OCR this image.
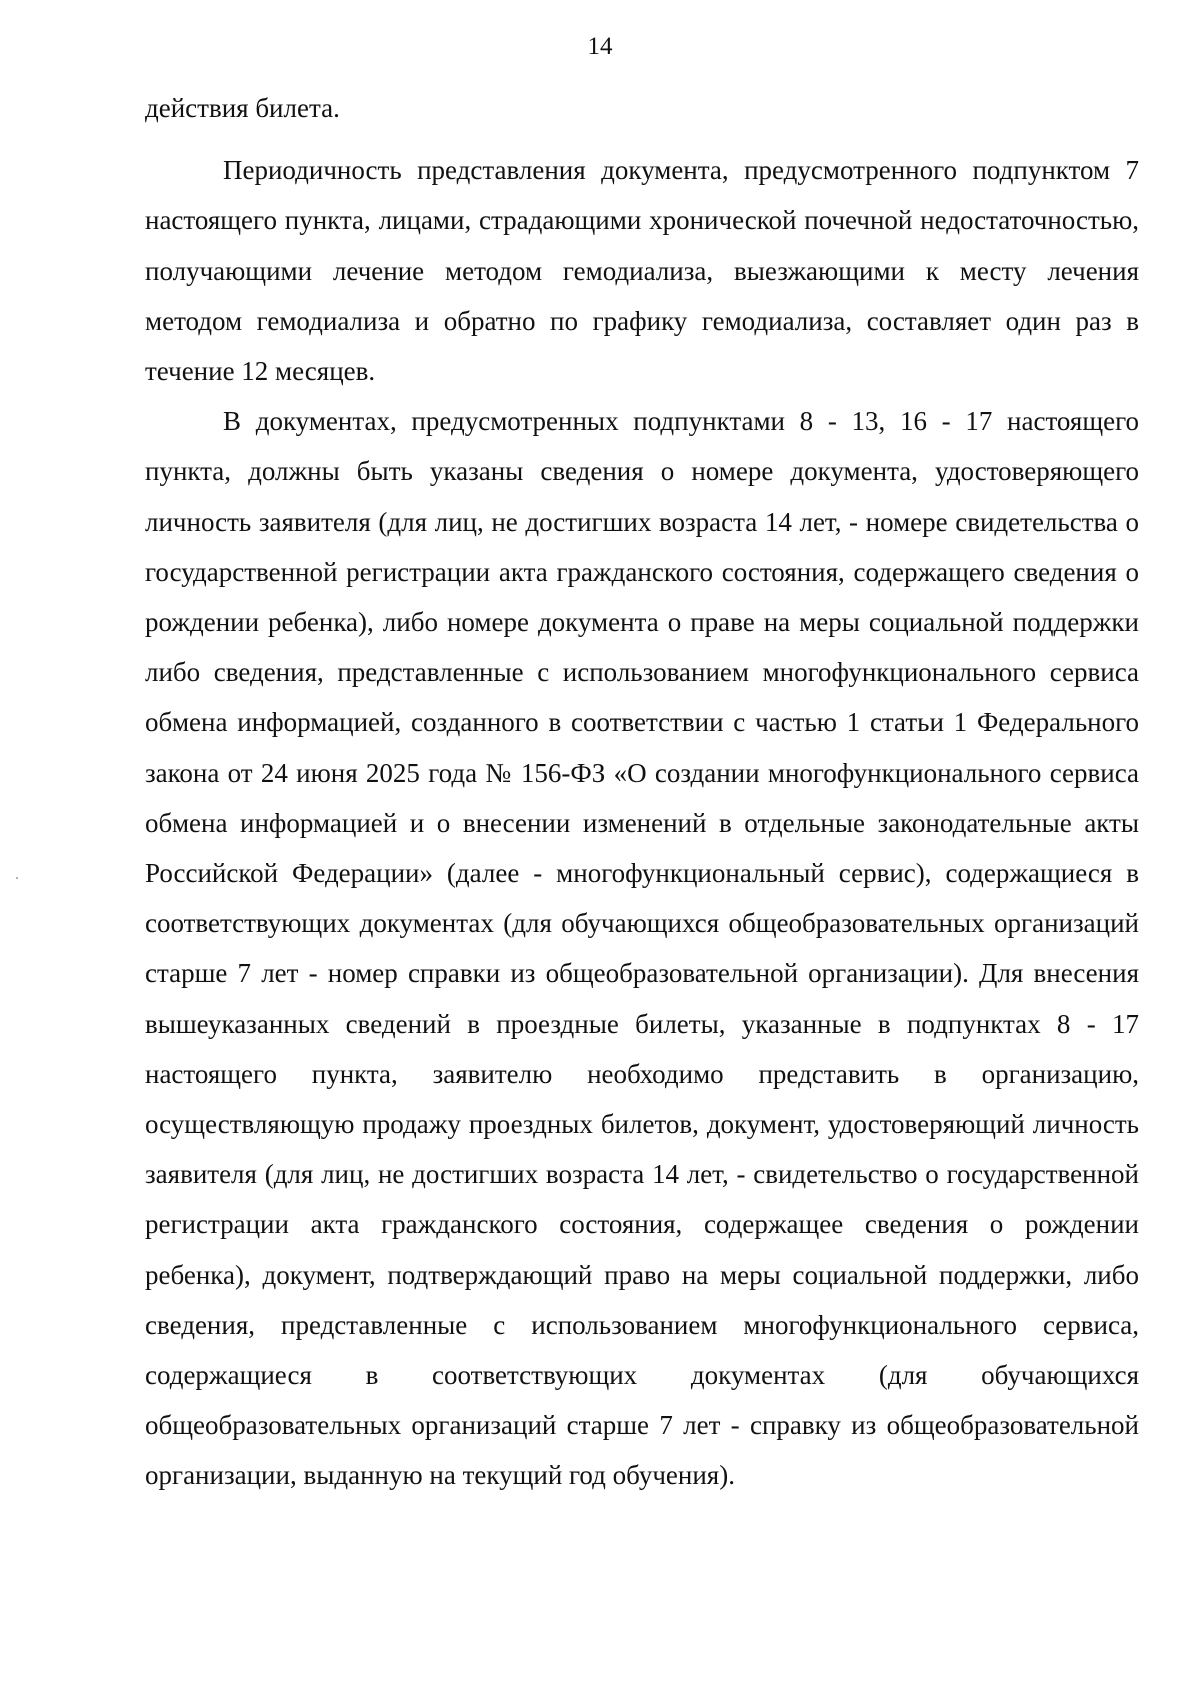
14

действия билета.

Периодичность представления документа, предусмотренного подпунктом 7 настоящего пункта, лицами, страдающими хронической почечной недостаточностью, получающими лечение методом гемодиализа, выезжающими к месту лечения методом гемодиализа и обратно по графику гемодиализа, составляет один раз в течение 12 месяцев.

В документах, предусмотренных подпунктами 8 - 13, 16 - 17 настоящего пункта, должны быть указаны сведения о номере документа, удостоверяющего личность заявителя (для лиц, не достигших возраста 14 лет, - номере свидетельства о государственной регистрации акта гражданского состояния, содержащего сведения о рождении ребенка), либо номере документа о праве на меры социальной поддержки либо сведения, представленные с использованием многофункционального сервиса обмена информацией, созданного в соответствии с частью 1 статьи 1 Федерального закона от 24 июня 2025 года № 156-ФЗ «О создании многофункционального сервиса обмена информацией и о внесении изменений в отдельные законодательные акты Российской Федерации» (далее - многофункциональный сервис), содержащиеся в соответствующих документах (для обучающихся общеобразовательных организаций старше 7 лет - номер справки из общеобразовательной организации). Для внесения вышеуказанных сведений в проездные билеты, указанные в подпунктах 8 - 17 настоящего пункта, заявителю необходимо представить в организацию, осуществляющую продажу проездных билетов, документ, удостоверяющий личность заявителя (для лиц, не достигших возраста 14 лет, - свидетельство о государственной регистрации акта гражданского состояния, содержащее сведения о рождении ребенка), документ, подтверждающий право на меры социальной поддержки, либо сведения, представленные с использованием многофункционального сервиса, содержащиеся в соответствующих документах (для обучающихся общеобразовательных организаций старше 7 лет - справку из общеобразовательной организации, выданную на текущий год обучения).
